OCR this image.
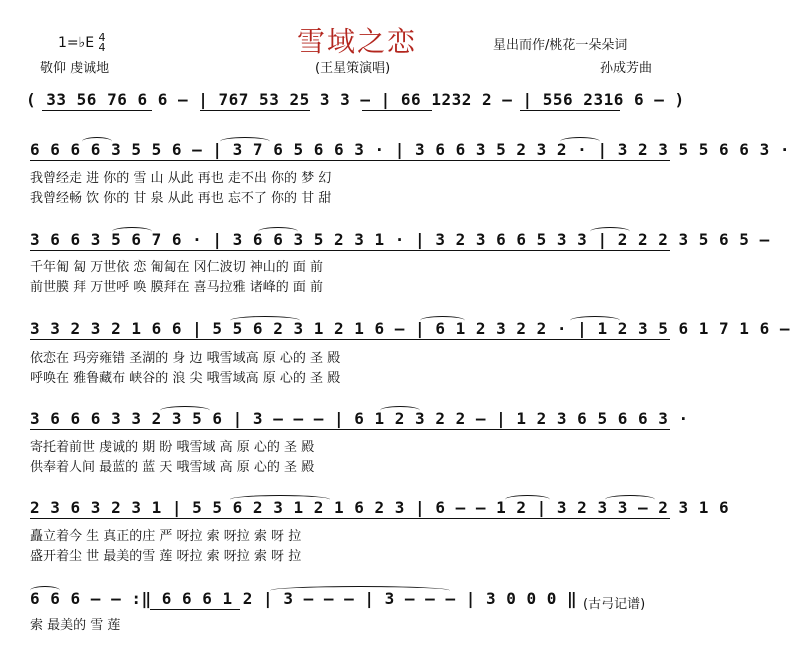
1=♭E 4
4
敬仰 虔诚地
雪域之恋
(王星策演唱)
星出而作/桃花一朵朵词
孙成芳曲
( 33 56 76 6 6 – | 767 53 25 3 3 – | 66 1232 2 – | 556 2316 6 – )
6 6 6 6 3 5 5 6 – | 3 7 6 5 6 6 3 · | 3 6 6 3 5 2 3 2 · | 3 2 3 5 5 6 6 3 ·
我曾经走 进 你的 雪 山 从此 再也 走不出 你的 梦 幻
我曾经畅 饮 你的 甘 泉 从此 再也 忘不了 你的 甘 甜
3 6 6 3 5 6 7 6 · | 3 6 6 3 5 2 3 1 · | 3 2 3 6 6 5 3 3 | 2 2 2 3 5 6 5 –
千年匍 匐 万世依 恋 匍匐在 冈仁波切 神山的 面 前
前世膜 拜 万世呼 唤 膜拜在 喜马拉雅 诸峰的 面 前
3 3 2 3 2 1 6 6 | 5 5 6 2 3 1 2 1 6 – | 6 1 2 3 2 2 · | 1 2 3 5 6 1 7 1 6 –
依恋在 玛旁雍错 圣湖的 身 边 哦雪域高 原 心的 圣 殿
呼唤在 雅鲁藏布 峡谷的 浪 尖 哦雪域高 原 心的 圣 殿
3 6 6 6 3 3 2 3 5 6 | 3 – – – | 6 1 2 3 2 2 – | 1 2 3 6 5 6 6 3 ·
寄托着前世 虔诚的 期 盼 哦雪域 高 原 心的 圣 殿
供奉着人间 最蓝的 蓝 天 哦雪域 高 原 心的 圣 殿
2 3 6 3 2 3 1 | 5 5 6 2 3 1 2 1 6 2 3 | 6 – – 1 2 | 3 2 3 3 – 2 3 1 6
矗立着今 生 真正的庄 严 呀拉 索 呀拉 索 呀 拉
盛开着尘 世 最美的雪 莲 呀拉 索 呀拉 索 呀 拉
6 6 6 – – :‖ 6 6 6 1 2 | 3 – – – | 3 – – – | 3 0 0 0 ‖
索 最美的 雪 莲
(古弓记谱)
